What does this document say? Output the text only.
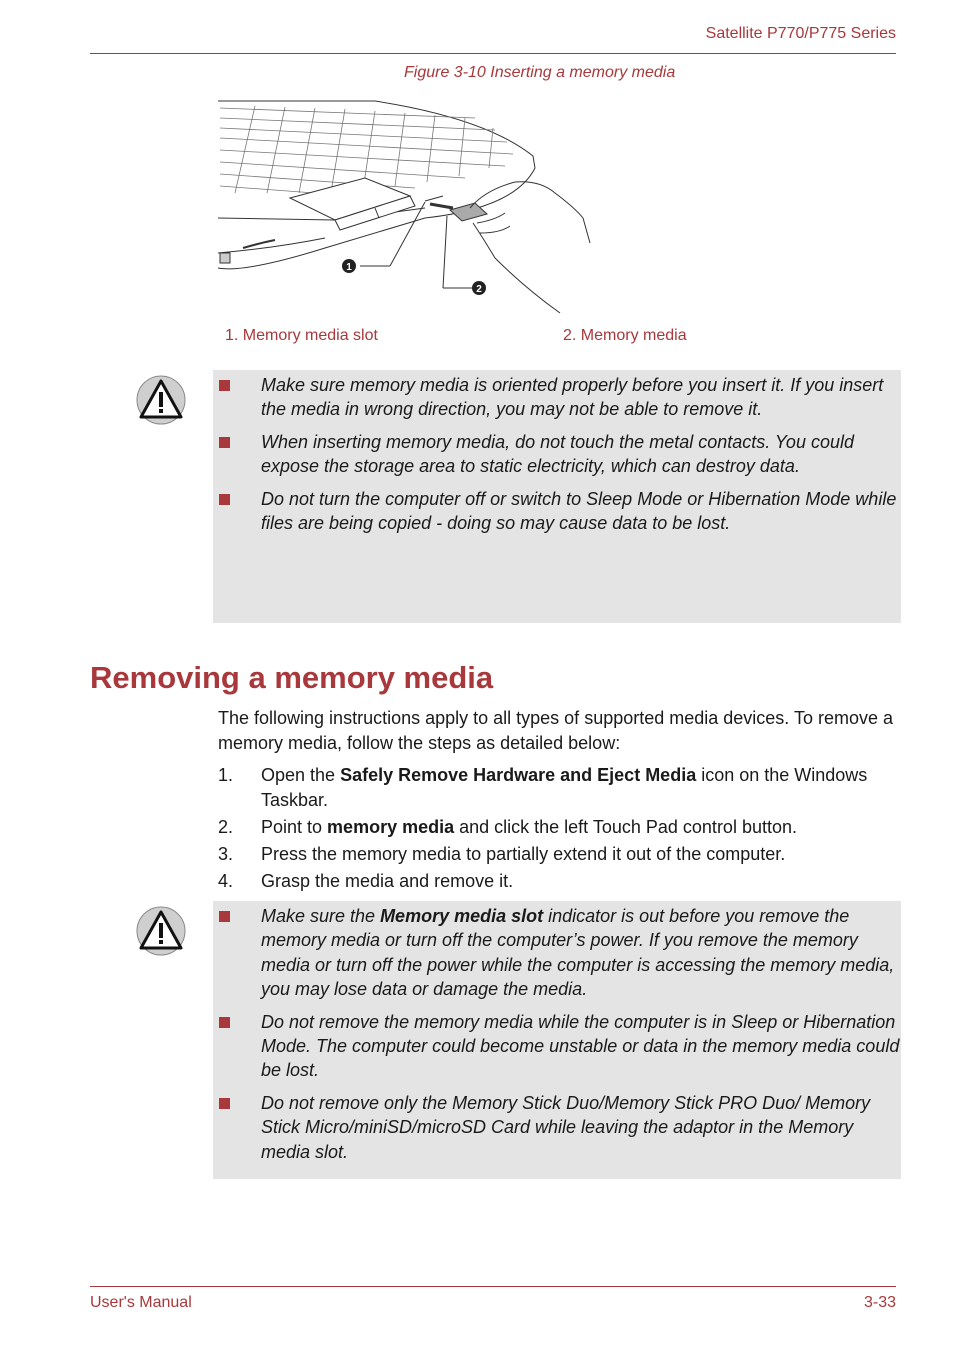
Satellite P770/P775 Series
Figure 3-10 Inserting a memory media
1
2
1. Memory media slot	2. Memory media
Make sure memory media is oriented properly before you insert it. If you insert the media in wrong direction, you may not be able to remove it.
When inserting memory media, do not touch the metal contacts. You could expose the storage area to static electricity, which can destroy data.
Do not turn the computer off or switch to Sleep Mode or Hibernation Mode while files are being copied - doing so may cause data to be lost.
Removing a memory media
The following instructions apply to all types of supported media devices. To remove a memory media, follow the steps as detailed below:
1. Open the Safely Remove Hardware and Eject Media icon on the Windows Taskbar.
2. Point to memory media and click the left Touch Pad control button.
3. Press the memory media to partially extend it out of the computer.
4. Grasp the media and remove it.
Make sure the Memory media slot indicator is out before you remove the memory media or turn off the computer’s power. If you remove the memory media or turn off the power while the computer is accessing the memory media, you may lose data or damage the media.
Do not remove the memory media while the computer is in Sleep or Hibernation Mode. The computer could become unstable or data in the memory media could be lost.
Do not remove only the Memory Stick Duo/Memory Stick PRO Duo/ Memory Stick Micro/miniSD/microSD Card while leaving the adaptor in the Memory media slot.
User's Manual	3-33
